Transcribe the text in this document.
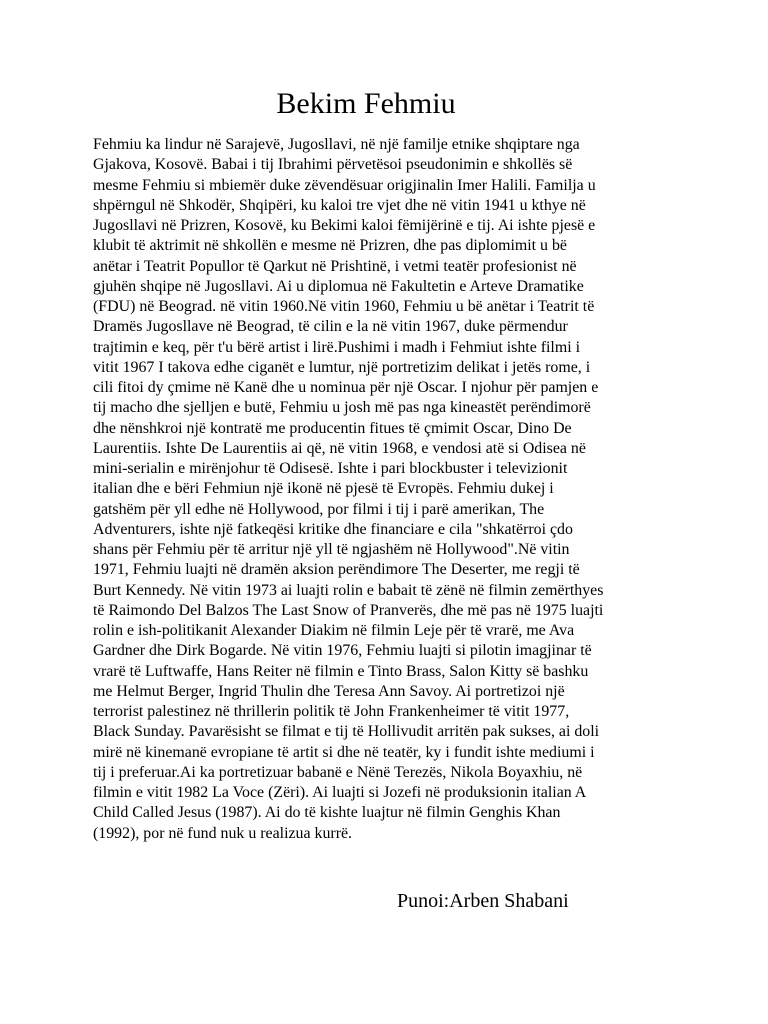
Bekim Fehmiu
Fehmiu ka lindur në Sarajevë, Jugosllavi, në një familje etnike shqiptare nga
Gjakova, Kosovë. Babai i tij Ibrahimi përvetësoi pseudonimin e shkollës së
mesme Fehmiu si mbiemër duke zëvendësuar origjinalin Imer Halili. Familja u
shpërngul në Shkodër, Shqipëri, ku kaloi tre vjet dhe në vitin 1941 u kthye në
Jugosllavi në Prizren, Kosovë, ku Bekimi kaloi fëmijërinë e tij. Ai ishte pjesë e
klubit të aktrimit në shkollën e mesme në Prizren, dhe pas diplomimit u bë
anëtar i Teatrit Popullor të Qarkut në Prishtinë, i vetmi teatër profesionist në
gjuhën shqipe në Jugosllavi. Ai u diplomua në Fakultetin e Arteve Dramatike
(FDU) në Beograd. në vitin 1960.Në vitin 1960, Fehmiu u bë anëtar i Teatrit të
Dramës Jugosllave në Beograd, të cilin e la në vitin 1967, duke përmendur
trajtimin e keq, për t'u bërë artist i lirë.Pushimi i madh i Fehmiut ishte filmi i
vitit 1967 I takova edhe ciganët e lumtur, një portretizim delikat i jetës rome, i
cili fitoi dy çmime në Kanë dhe u nominua për një Oscar. I njohur për pamjen e
tij macho dhe sjelljen e butë, Fehmiu u josh më pas nga kineastët perëndimorë
dhe nënshkroi një kontratë me producentin fitues të çmimit Oscar, Dino De
Laurentiis. Ishte De Laurentiis ai që, në vitin 1968, e vendosi atë si Odisea në
mini-serialin e mirënjohur të Odisesë. Ishte i pari blockbuster i televizionit
italian dhe e bëri Fehmiun një ikonë në pjesë të Evropës. Fehmiu dukej i
gatshëm për yll edhe në Hollywood, por filmi i tij i parë amerikan, The
Adventurers, ishte një fatkeqësi kritike dhe financiare e cila "shkatërroi çdo
shans për Fehmiu për të arritur një yll të ngjashëm në Hollywood".Në vitin
1971, Fehmiu luajti në dramën aksion perëndimore The Deserter, me regji të
Burt Kennedy. Në vitin 1973 ai luajti rolin e babait të zënë në filmin zemërthyes
të Raimondo Del Balzos The Last Snow of Pranverës, dhe më pas në 1975 luajti
rolin e ish-politikanit Alexander Diakim në filmin Leje për të vrarë, me Ava
Gardner dhe Dirk Bogarde. Në vitin 1976, Fehmiu luajti si pilotin imagjinar të
vrarë të Luftwaffe, Hans Reiter në filmin e Tinto Brass, Salon Kitty së bashku
me Helmut Berger, Ingrid Thulin dhe Teresa Ann Savoy. Ai portretizoi një
terrorist palestinez në thrillerin politik të John Frankenheimer të vitit 1977,
Black Sunday. Pavarësisht se filmat e tij të Hollivudit arritën pak sukses, ai doli
mirë në kinemanë evropiane të artit si dhe në teatër, ky i fundit ishte mediumi i
tij i preferuar.Ai ka portretizuar babanë e Nënë Terezës, Nikola Boyaxhiu, në
filmin e vitit 1982 La Voce (Zëri). Ai luajti si Jozefi në produksionin italian A
Child Called Jesus (1987). Ai do të kishte luajtur në filmin Genghis Khan
(1992), por në fund nuk u realizua kurrë.
Punoi:Arben Shabani
